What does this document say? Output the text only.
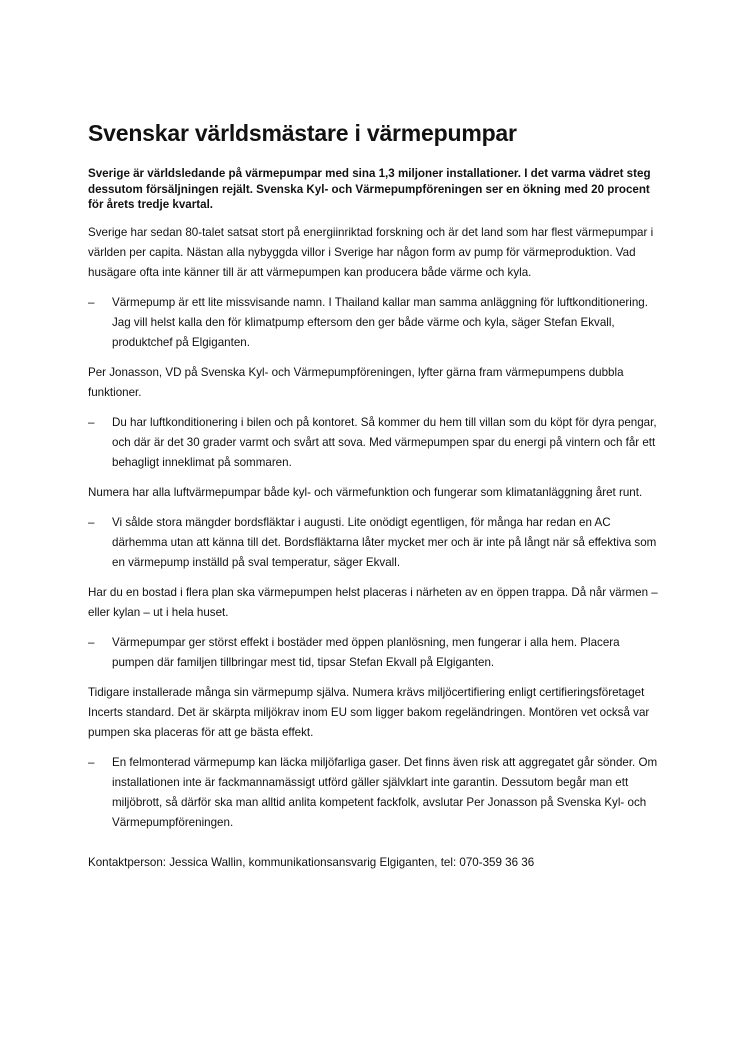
Svenskar världsmästare i värmepumpar

Sverige är världsledande på värmepumpar med sina 1,3 miljoner installationer. I det varma vädret steg dessutom försäljningen rejält. Svenska Kyl- och Värmepumpföreningen ser en ökning med 20 procent för årets tredje kvartal.

Sverige har sedan 80-talet satsat stort på energiinriktad forskning och är det land som har flest värmepumpar i världen per capita. Nästan alla nybyggda villor i Sverige har någon form av pump för värmeproduktion. Vad husägare ofta inte känner till är att värmepumpen kan producera både värme och kyla.

– Värmepump är ett lite missvisande namn. I Thailand kallar man samma anläggning för luftkonditionering. Jag vill helst kalla den för klimatpump eftersom den ger både värme och kyla, säger Stefan Ekvall, produktchef på Elgiganten.

Per Jonasson, VD på Svenska Kyl- och Värmepumpföreningen, lyfter gärna fram värmepumpens dubbla funktioner.

– Du har luftkonditionering i bilen och på kontoret. Så kommer du hem till villan som du köpt för dyra pengar, och där är det 30 grader varmt och svårt att sova. Med värmepumpen spar du energi på vintern och får ett behagligt inneklimat på sommaren.

Numera har alla luftvärmepumpar både kyl- och värmefunktion och fungerar som klimatanläggning året runt.

– Vi sålde stora mängder bordsfläktar i augusti. Lite onödigt egentligen, för många har redan en AC därhemma utan att känna till det. Bordsfläktarna låter mycket mer och är inte på långt när så effektiva som en värmepump inställd på sval temperatur, säger Ekvall.

Har du en bostad i flera plan ska värmepumpen helst placeras i närheten av en öppen trappa. Då når värmen – eller kylan – ut i hela huset.

– Värmepumpar ger störst effekt i bostäder med öppen planlösning, men fungerar i alla hem. Placera pumpen där familjen tillbringar mest tid, tipsar Stefan Ekvall på Elgiganten.

Tidigare installerade många sin värmepump själva. Numera krävs miljöcertifiering enligt certifieringsföretaget Incerts standard. Det är skärpta miljökrav inom EU som ligger bakom regeländringen. Montören vet också var pumpen ska placeras för att ge bästa effekt.

– En felmonterad värmepump kan läcka miljöfarliga gaser. Det finns även risk att aggregatet går sönder. Om installationen inte är fackmannamässigt utförd gäller självklart inte garantin. Dessutom begår man ett miljöbrott, så därför ska man alltid anlita kompetent fackfolk, avslutar Per Jonasson på Svenska Kyl- och Värmepumpföreningen.
Kontaktperson: Jessica Wallin, kommunikationsansvarig Elgiganten, tel: 070-359 36 36
